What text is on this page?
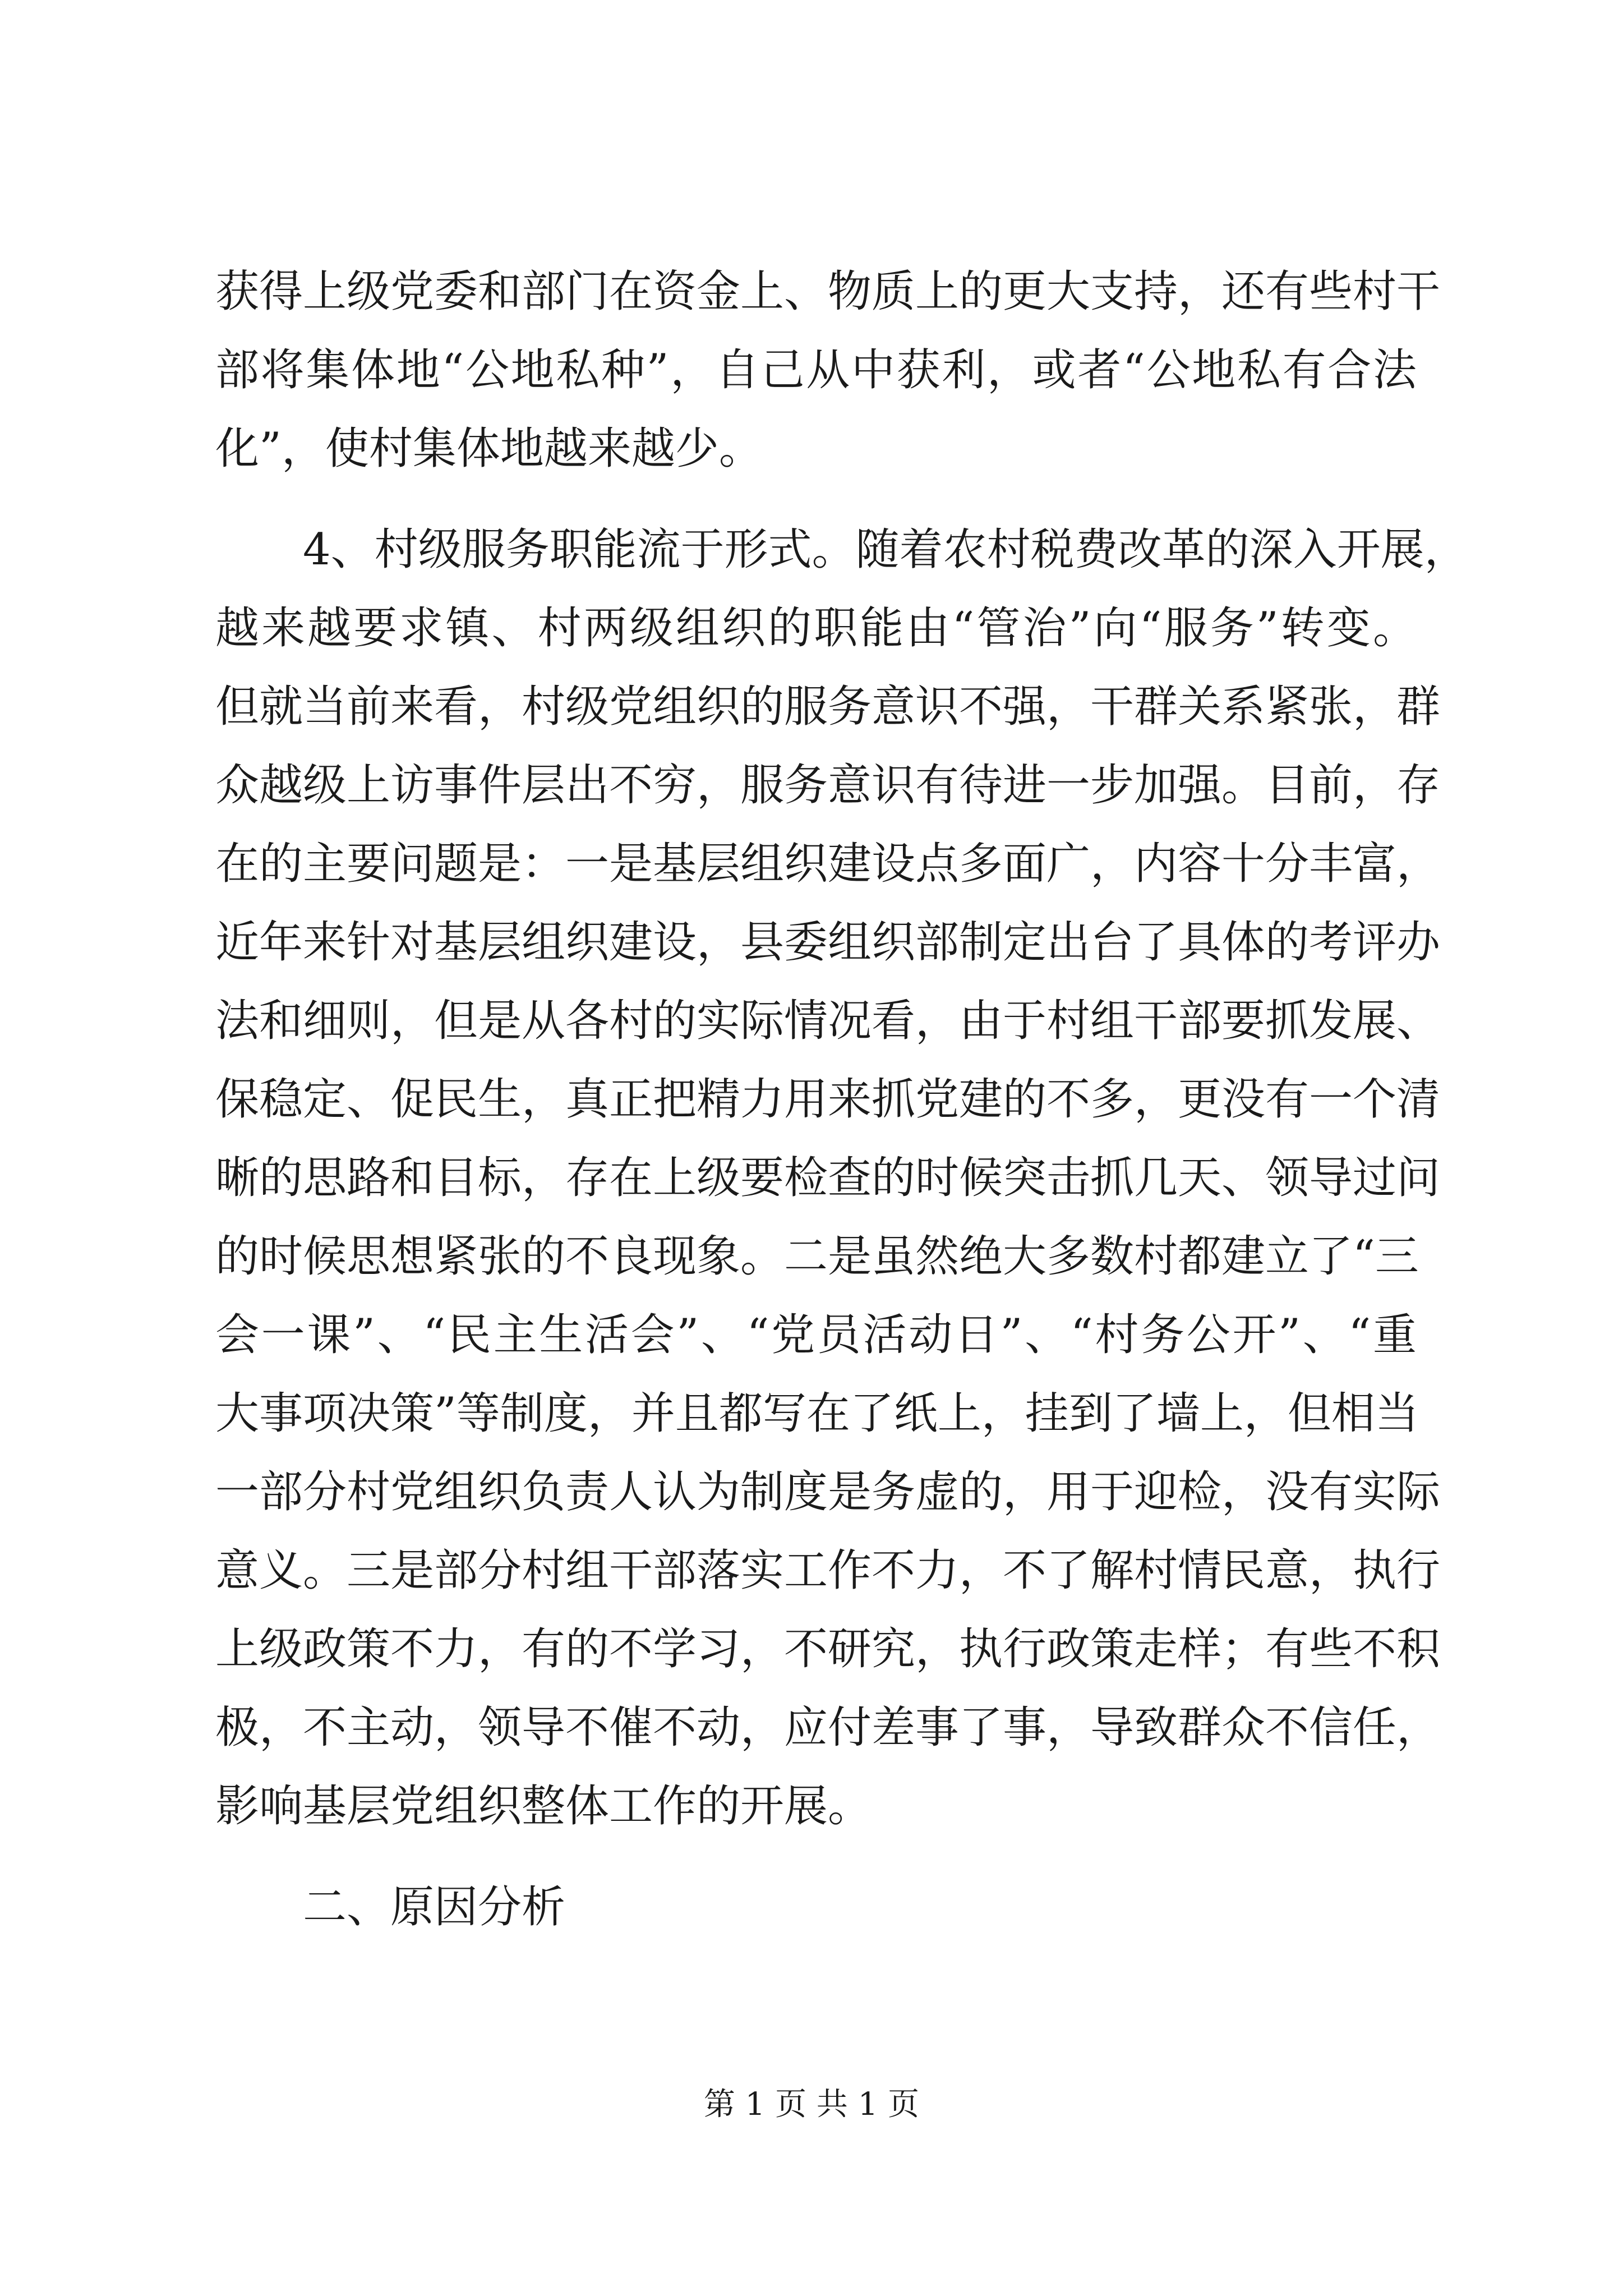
获得上级党委和部门在资金上、物质上的更大支持，还有些村干
部将集体地“公地私种”，自己从中获利，或者“公地私有合法
化”，使村集体地越来越少。
4、村级服务职能流于形式。随着农村税费改革的深入开展，
越来越要求镇、村两级组织的职能由“管治”向“服务”转变。
但就当前来看，村级党组织的服务意识不强，干群关系紧张，群
众越级上访事件层出不穷，服务意识有待进一步加强。目前，存
在的主要问题是：一是基层组织建设点多面广，内容十分丰富，
近年来针对基层组织建设，县委组织部制定出台了具体的考评办
法和细则，但是从各村的实际情况看，由于村组干部要抓发展、
保稳定、促民生，真正把精力用来抓党建的不多，更没有一个清
晰的思路和目标，存在上级要检查的时候突击抓几天、领导过问
的时候思想紧张的不良现象。二是虽然绝大多数村都建立了“三
会一课”、“民主生活会”、“党员活动日”、“村务公开”、“重
大事项决策”等制度，并且都写在了纸上，挂到了墙上，但相当
一部分村党组织负责人认为制度是务虚的，用于迎检，没有实际
意义。三是部分村组干部落实工作不力，不了解村情民意，执行
上级政策不力，有的不学习，不研究，执行政策走样；有些不积
极，不主动，领导不催不动，应付差事了事，导致群众不信任，
影响基层党组织整体工作的开展。
二、原因分析
第 1 页 共 1 页
